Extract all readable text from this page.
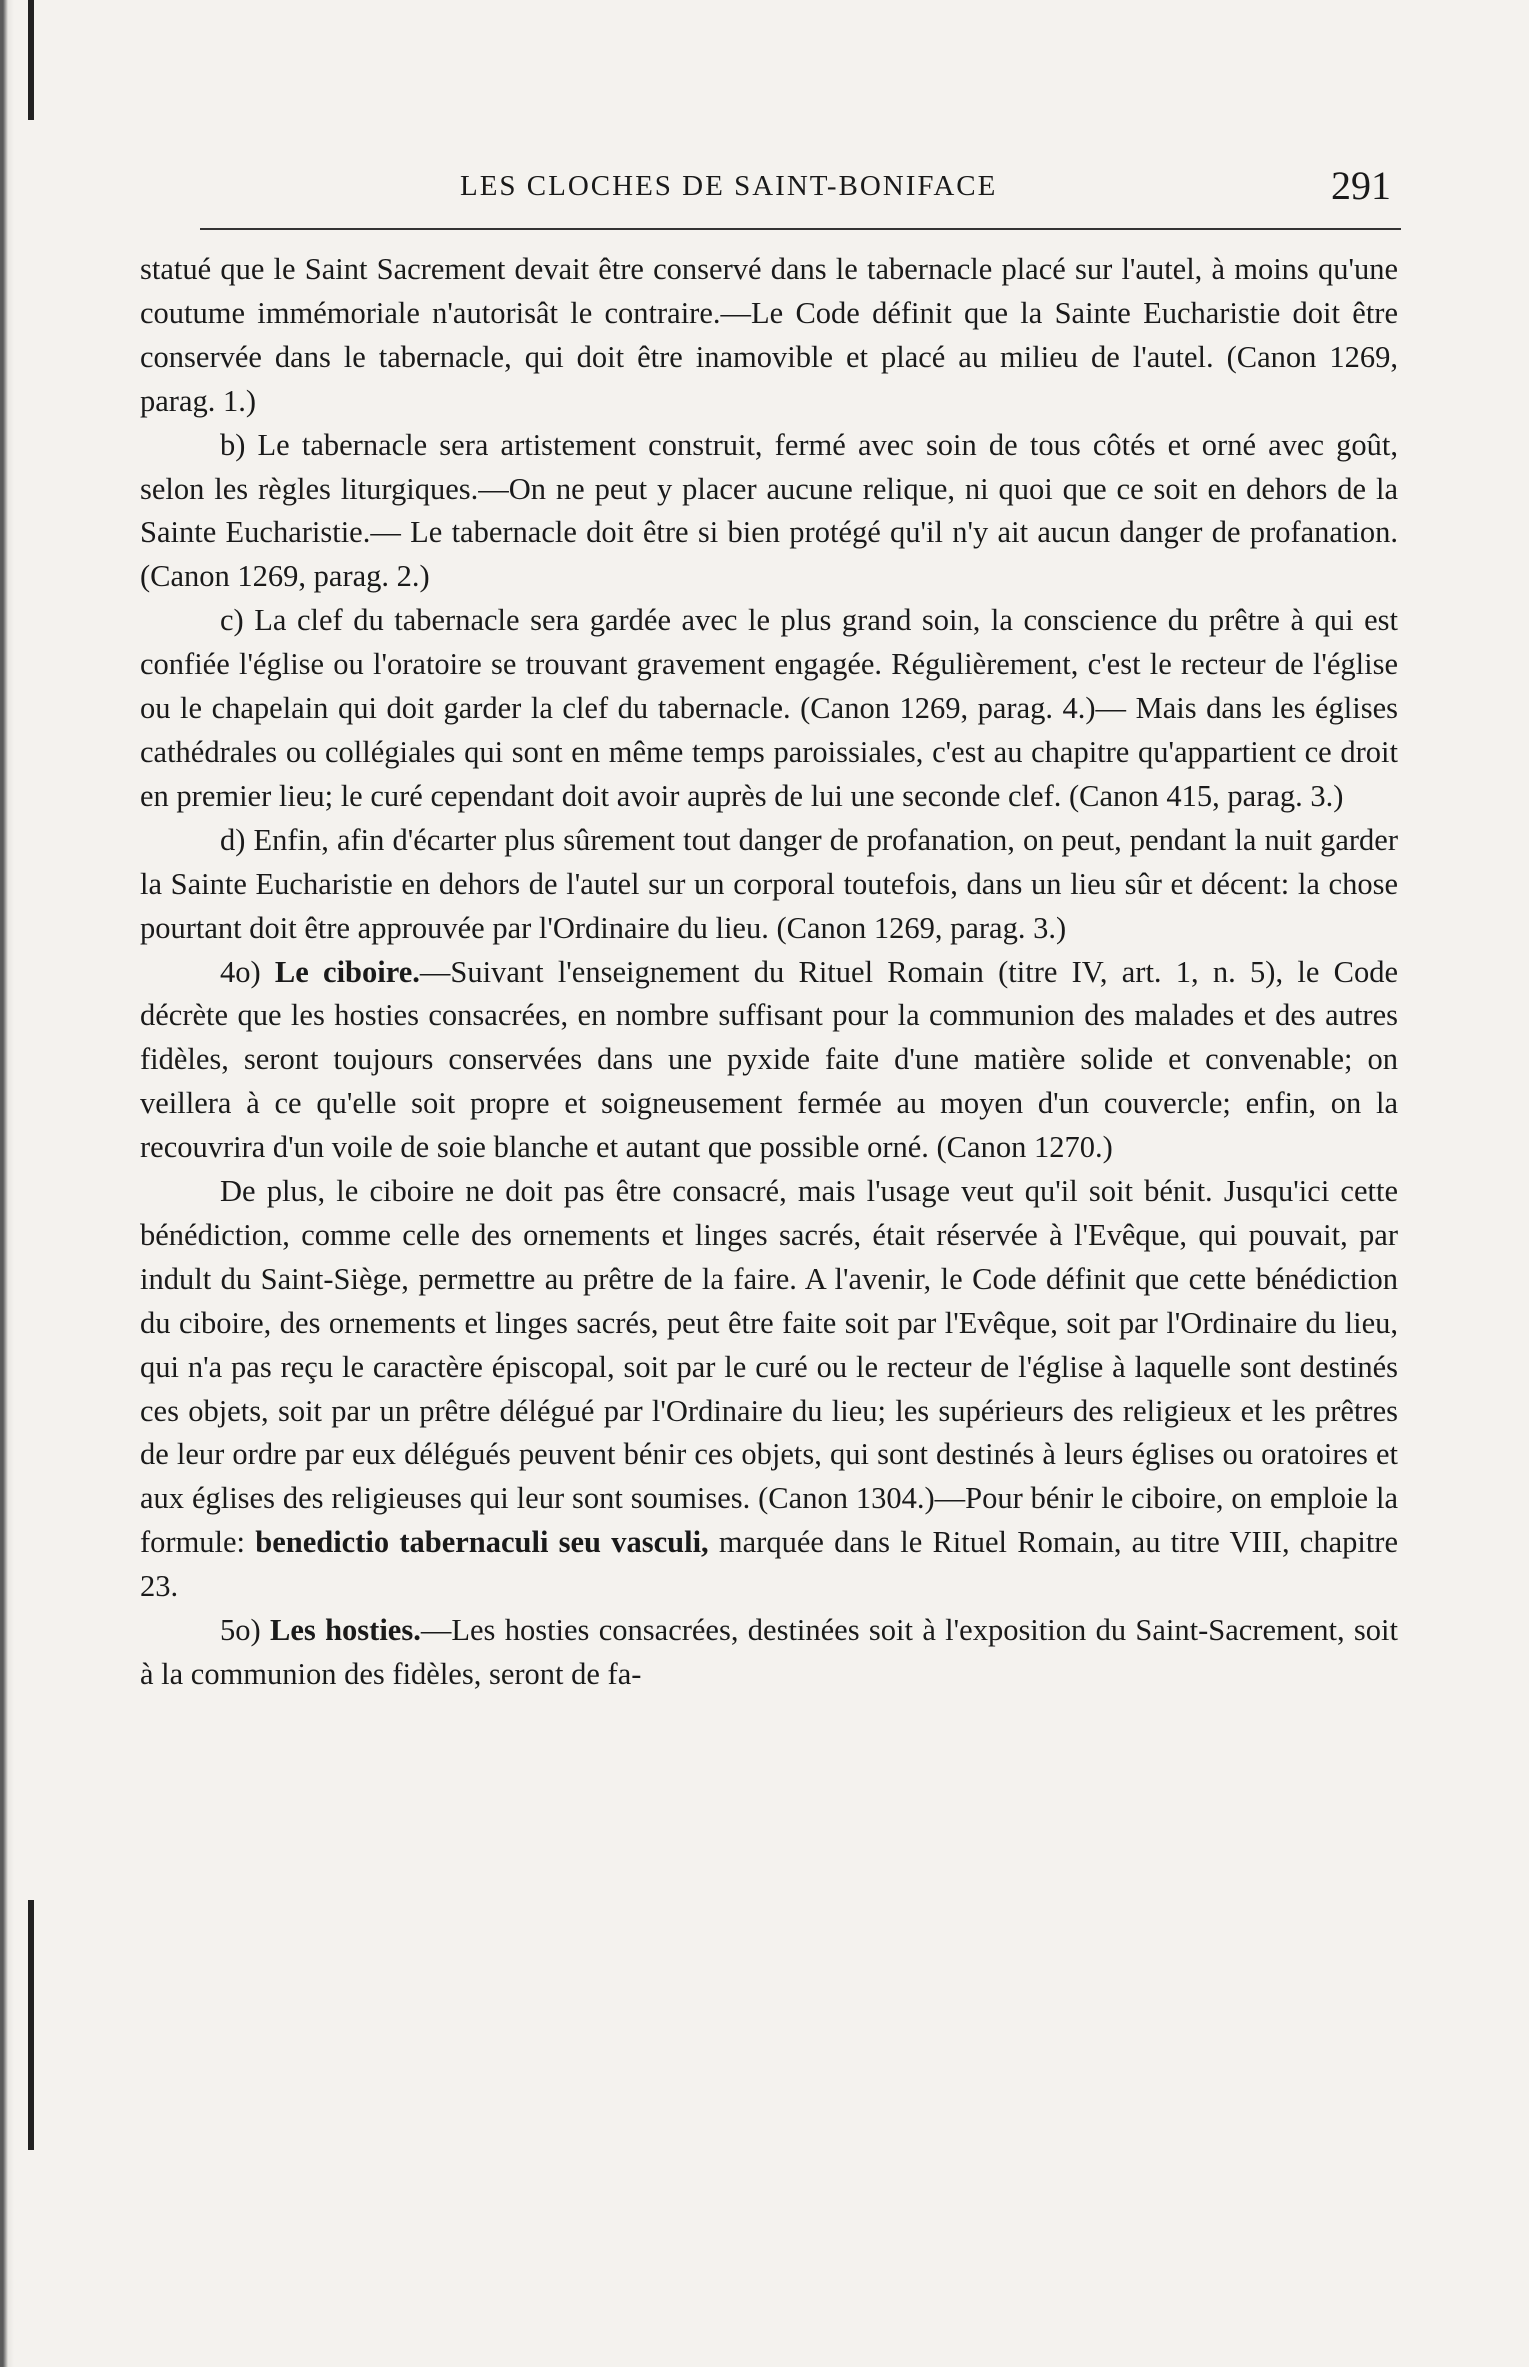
LES CLOCHES DE SAINT-BONIFACE	291

statué que le Saint Sacrement devait être conservé dans le tabernacle placé sur l'autel, à moins qu'une coutume immémoriale n'autorisât le contraire.—Le Code définit que la Sainte Eucharistie doit être conservée dans le tabernacle, qui doit être inamovible et placé au milieu de l'autel. (Canon 1269, parag. 1.)

b) Le tabernacle sera artistement construit, fermé avec soin de tous côtés et orné avec goût, selon les règles liturgiques.—On ne peut y placer aucune relique, ni quoi que ce soit en dehors de la Sainte Eucharistie.— Le tabernacle doit être si bien protégé qu'il n'y ait aucun danger de profanation. (Canon 1269, parag. 2.)

c) La clef du tabernacle sera gardée avec le plus grand soin, la conscience du prêtre à qui est confiée l'église ou l'oratoire se trouvant gravement engagée. Régulièrement, c'est le recteur de l'église ou le chapelain qui doit garder la clef du tabernacle. (Canon 1269, parag. 4.)— Mais dans les églises cathédrales ou collégiales qui sont en même temps paroissiales, c'est au chapitre qu'appartient ce droit en premier lieu; le curé cependant doit avoir auprès de lui une seconde clef. (Canon 415, parag. 3.)

d) Enfin, afin d'écarter plus sûrement tout danger de profanation, on peut, pendant la nuit garder la Sainte Eucharistie en dehors de l'autel sur un corporal toutefois, dans un lieu sûr et décent: la chose pourtant doit être approuvée par l'Ordinaire du lieu. (Canon 1269, parag. 3.)

4o) Le ciboire.—Suivant l'enseignement du Rituel Romain (titre IV, art. 1, n. 5), le Code décrète que les hosties consacrées, en nombre suffisant pour la communion des malades et des autres fidèles, seront toujours conservées dans une pyxide faite d'une matière solide et convenable; on veillera à ce qu'elle soit propre et soigneusement fermée au moyen d'un couvercle; enfin, on la recouvrira d'un voile de soie blanche et autant que possible orné. (Canon 1270.)

De plus, le ciboire ne doit pas être consacré, mais l'usage veut qu'il soit bénit. Jusqu'ici cette bénédiction, comme celle des ornements et linges sacrés, était réservée à l'Evêque, qui pouvait, par indult du Saint-Siège, permettre au prêtre de la faire. A l'avenir, le Code définit que cette bénédiction du ciboire, des ornements et linges sacrés, peut être faite soit par l'Evêque, soit par l'Ordinaire du lieu, qui n'a pas reçu le caractère épiscopal, soit par le curé ou le recteur de l'église à laquelle sont destinés ces objets, soit par un prêtre délégué par l'Ordinaire du lieu; les supérieurs des religieux et les prêtres de leur ordre par eux délégués peuvent bénir ces objets, qui sont destinés à leurs églises ou oratoires et aux églises des religieuses qui leur sont soumises. (Canon 1304.)—Pour bénir le ciboire, on emploie la formule: benedictio tabernaculi seu vasculi, marquée dans le Rituel Romain, au titre VIII, chapitre 23.

5o) Les hosties.—Les hosties consacrées, destinées soit à l'exposition du Saint-Sacrement, soit à la communion des fidèles, seront de fa-
